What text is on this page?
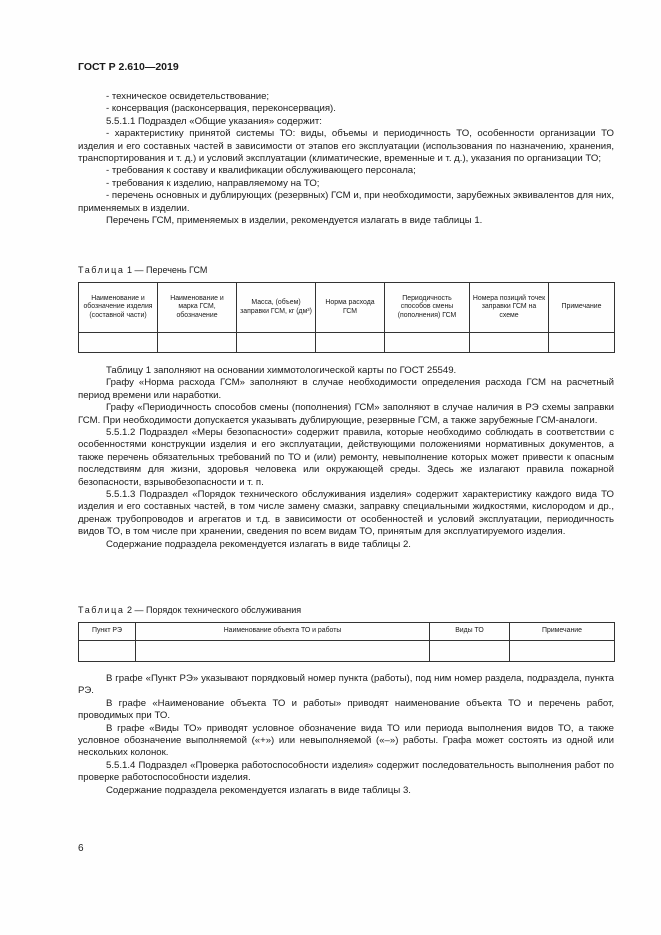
ГОСТ Р 2.610—2019

- техническое освидетельствование;

- консервация (расконсервация, переконсервация).

5.5.1.1 Подраздел «Общие указания» содержит:

- характеристику принятой системы ТО: виды, объемы и периодичность ТО, особенности организации ТО изделия и его составных частей в зависимости от этапов его эксплуатации (использования по назначению, хранения, транспортирования и т. д.) и условий эксплуатации (климатические, временные и т. д.), указания по организации ТО;

- требования к составу и квалификации обслуживающего персонала;

- требования к изделию, направляемому на ТО;

- перечень основных и дублирующих (резервных) ГСМ и, при необходимости, зарубежных эквивалентов для них, применяемых в изделии.

Перечень ГСМ, применяемых в изделии, рекомендуется излагать в виде таблицы 1.

Таблица 1 — Перечень ГСМ
Наименование и обозначение изделия (составной части)	Наименование и марка ГСМ, обозначение	Масса, (объем) заправки ГСМ, кг (дм³)	Норма расхода ГСМ	Периодичность способов смены (пополнения) ГСМ	Номера позиций точек заправки ГСМ на схеме	Примечание

Таблицу 1 заполняют на основании химмотологической карты по ГОСТ 25549.

Графу «Норма расхода ГСМ» заполняют в случае необходимости определения расхода ГСМ на расчетный период времени или наработки.

Графу «Периодичность способов смены (пополнения) ГСМ» заполняют в случае наличия в РЭ схемы заправки ГСМ. При необходимости допускается указывать дублирующие, резервные ГСМ, а также зарубежные ГСМ-аналоги.

5.5.1.2 Подраздел «Меры безопасности» содержит правила, которые необходимо соблюдать в соответствии с особенностями конструкции изделия и его эксплуатации, действующими положениями нормативных документов, а также перечень обязательных требований по ТО и (или) ремонту, невыполнение которых может привести к опасным последствиям для жизни, здоровья человека или окружающей среды. Здесь же излагают правила пожарной безопасности, взрывобезопасности и т. п.

5.5.1.3 Подраздел «Порядок технического обслуживания изделия» содержит характеристику каждого вида ТО изделия и его составных частей, в том числе замену смазки, заправку специальными жидкостями, кислородом и др., дренаж трубопроводов и агрегатов и т.д. в зависимости от особенностей и условий эксплуатации, периодичность видов ТО, в том числе при хранении, сведения по всем видам ТО, принятым для эксплуатируемого изделия.

Содержание подраздела рекомендуется излагать в виде таблицы 2.

Таблица 2 — Порядок технического обслуживания
Пункт РЭ	Наименование объекта ТО и работы	Виды ТО	Примечание

В графе «Пункт РЭ» указывают порядковый номер пункта (работы), под ним номер раздела, подраздела, пункта РЭ.

В графе «Наименование объекта ТО и работы» приводят наименование объекта ТО и перечень работ, проводимых при ТО.

В графе «Виды ТО» приводят условное обозначение вида ТО или периода выполнения видов ТО, а также условное обозначение выполняемой («+») или невыполняемой («–») работы. Графа может состоять из одной или нескольких колонок.

5.5.1.4 Подраздел «Проверка работоспособности изделия» содержит последовательность выполнения работ по проверке работоспособности изделия.

Содержание подраздела рекомендуется излагать в виде таблицы 3.

6
